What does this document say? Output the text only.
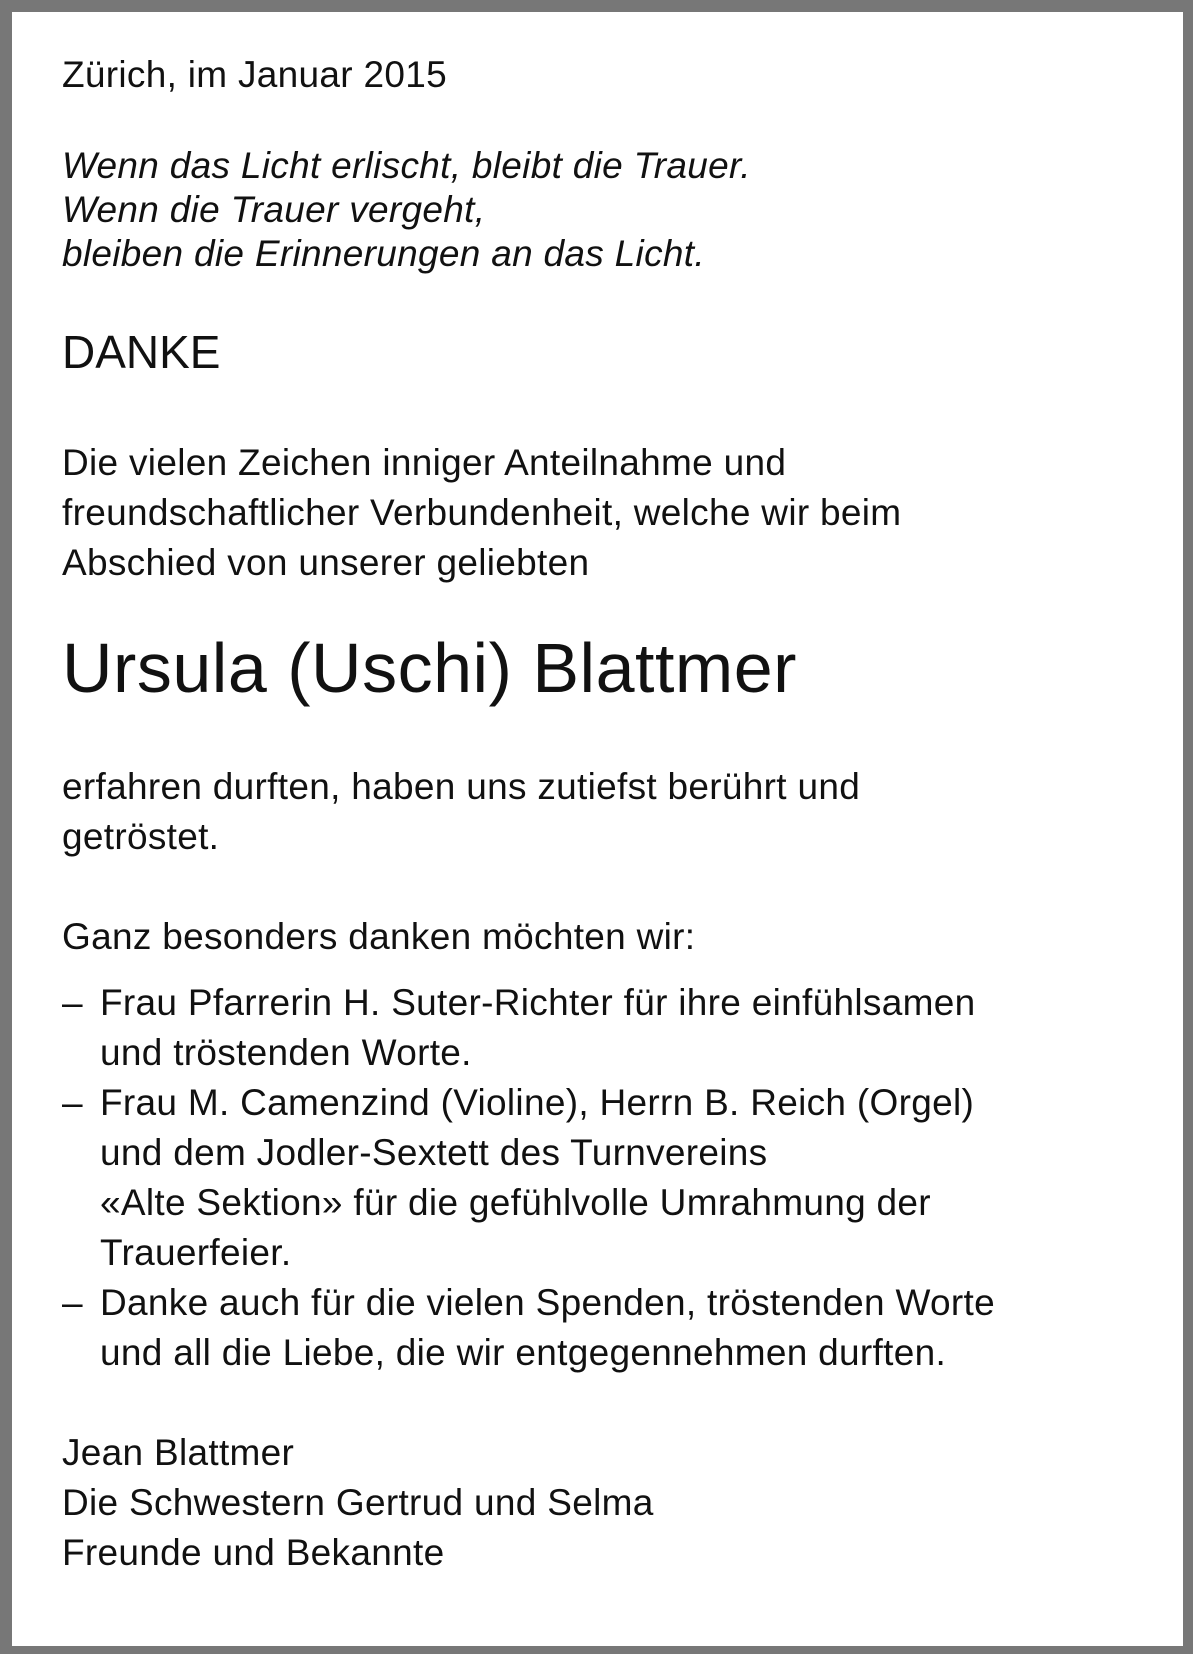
Zürich, im Januar 2015
Wenn das Licht erlischt, bleibt die Trauer.
Wenn die Trauer vergeht,
bleiben die Erinnerungen an das Licht.
DANKE
Die vielen Zeichen inniger Anteilnahme und
freundschaftlicher Verbundenheit, welche wir beim
Abschied von unserer geliebten
Ursula (Uschi) Blattmer
erfahren durften, haben uns zutiefst berührt und
getröstet.
Ganz besonders danken möchten wir:
– Frau Pfarrerin H. Suter-Richter für ihre einfühlsamen
und tröstenden Worte.
– Frau M. Camenzind (Violine), Herrn B. Reich (Orgel)
und dem Jodler-Sextett des Turnvereins
«Alte Sektion» für die gefühlvolle Umrahmung der
Trauerfeier.
– Danke auch für die vielen Spenden, tröstenden Worte
und all die Liebe, die wir entgegennehmen durften.
Jean Blattmer
Die Schwestern Gertrud und Selma
Freunde und Bekannte
